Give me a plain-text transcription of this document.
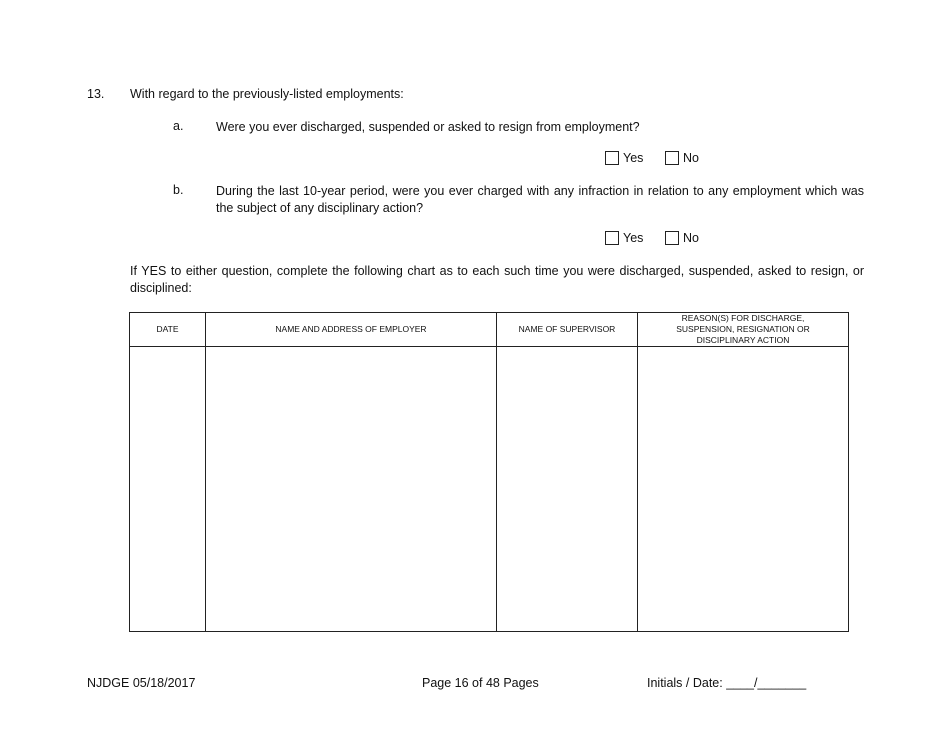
13. With regard to the previously-listed employments:
a.	Were you ever discharged, suspended or asked to resign from employment?
Yes	No
b.	During the last 10-year period, were you ever charged with any infraction in relation to any employment which was the subject of any disciplinary action?
Yes	No
If YES to either question, complete the following chart as to each such time you were discharged, suspended, asked to resign, or disciplined:
DATE	NAME AND ADDRESS OF EMPLOYER	NAME OF SUPERVISOR	REASON(S) FOR DISCHARGE, SUSPENSION, RESIGNATION OR DISCIPLINARY ACTION

NJDGE 05/18/2017	Page 16 of 48 Pages	Initials / Date: ____/_______
